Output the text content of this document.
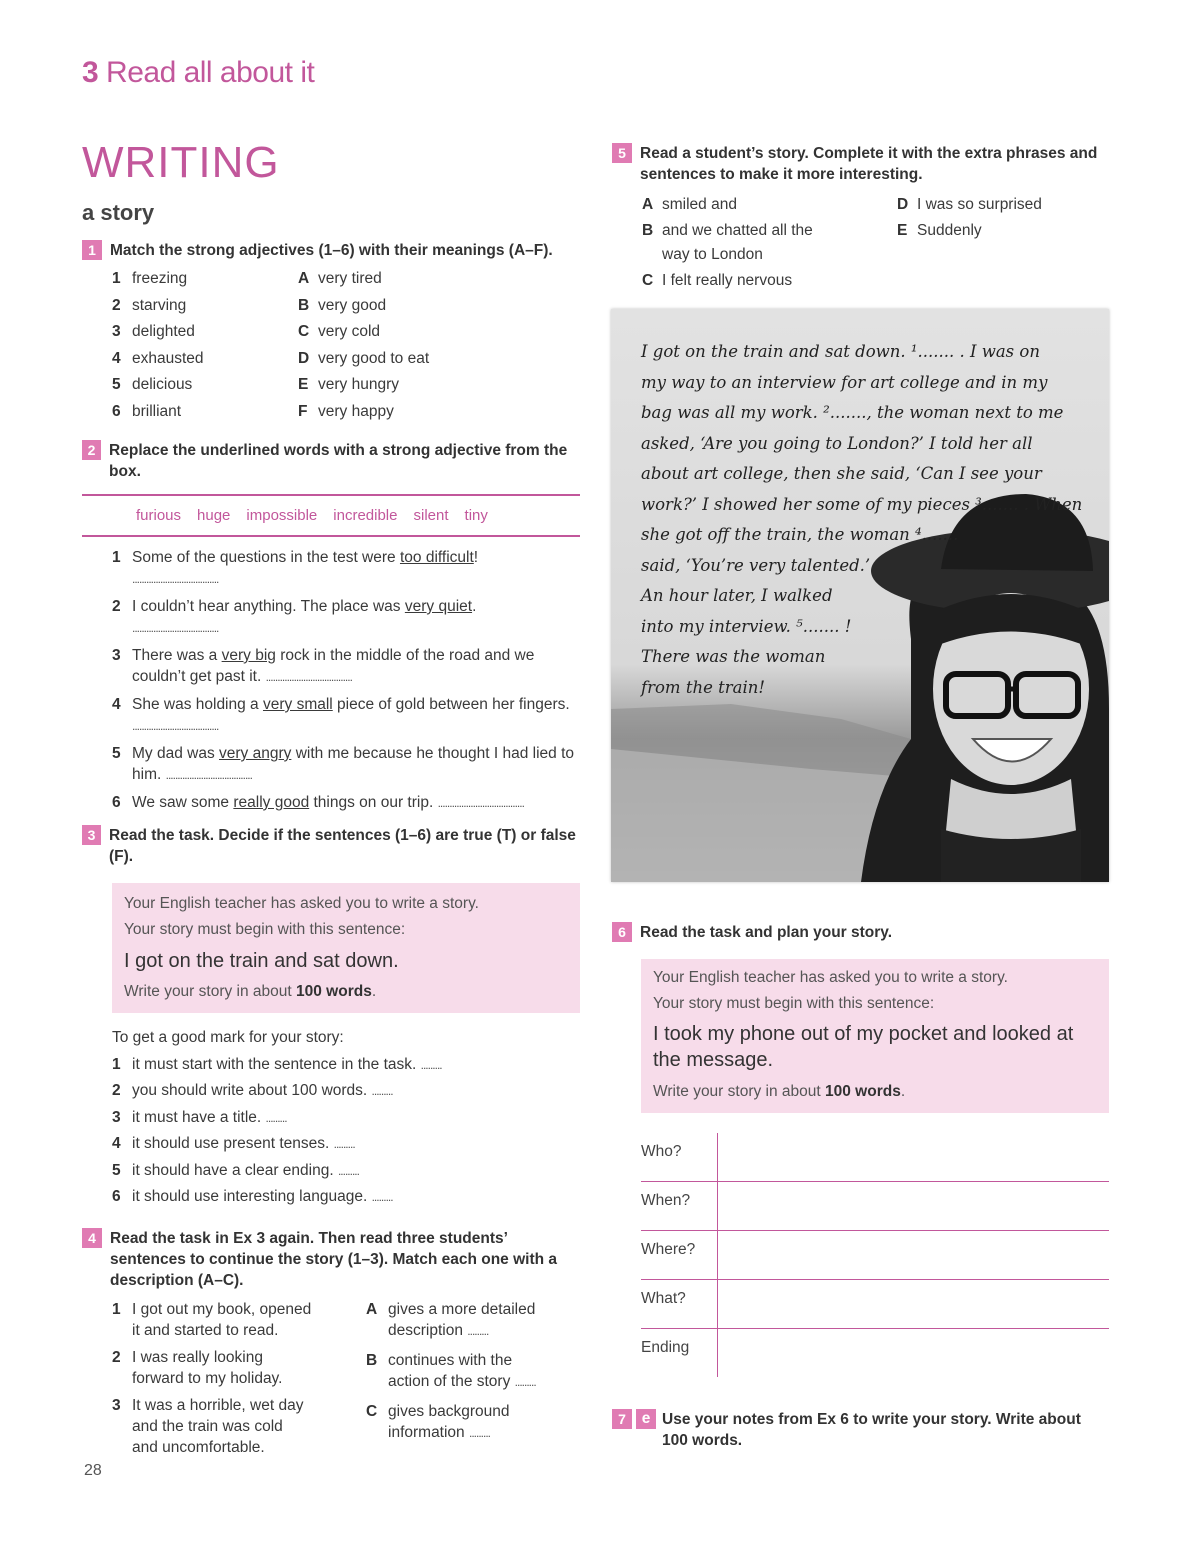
3 Read all about it
WRITING
a story
1 Match the strong adjectives (1–6) with their meanings (A–F).
1 freezing
2 starving
3 delighted
4 exhausted
5 delicious
6 brilliant
A very tired
B very good
C very cold
D very good to eat
E very hungry
F very happy
2 Replace the underlined words with a strong adjective from the box.
furious huge impossible incredible silent tiny
1 Some of the questions in the test were too difficult!
.....................................
2 I couldn’t hear anything. The place was very quiet.
.....................................
3 There was a very big rock in the middle of the road and we couldn’t get past it. .....................................
4 She was holding a very small piece of gold between her fingers. .....................................
5 My dad was very angry with me because he thought I had lied to him. .....................................
6 We saw some really good things on our trip. .....................................
3 Read the task. Decide if the sentences (1–6) are true (T) or false (F).
Your English teacher has asked you to write a story.
Your story must begin with this sentence:
I got on the train and sat down.
Write your story in about 100 words.
To get a good mark for your story:
1 it must start with the sentence in the task. .........
2 you should write about 100 words. .........
3 it must have a title. .........
4 it should use present tenses. .........
5 it should have a clear ending. .........
6 it should use interesting language. .........
4 Read the task in Ex 3 again. Then read three students’ sentences to continue the story (1–3). Match each one with a description (A–C).
1 I got out my book, opened
it and started to read.
2 I was really looking
forward to my holiday.
3 It was a horrible, wet day
and the train was cold
and uncomfortable.
A gives a more detailed
description .........
B continues with the
action of the story .........
C gives background
information .........
28
5 Read a student’s story. Complete it with the extra phrases and sentences to make it more interesting.
A smiled and
B and we chatted all the
way to London
C I felt really nervous
D I was so surprised
E Suddenly
I got on the train and sat down. ¹....... . I was on
my way to an interview for art college and in my
bag was all my work. ²......., the woman next to me
asked, ‘Are you going to London?’ I told her all
about art college, then she said, ‘Can I see your
work?’ I showed her some of my pieces ³....... . When
she got off the train, the woman ⁴.......
said, ‘You’re very talented.’
An hour later, I walked
into my interview. ⁵....... !
There was the woman
from the train!
6 Read the task and plan your story.
Your English teacher has asked you to write a story.
Your story must begin with this sentence:
I took my phone out of my pocket and looked at the message.
Write your story in about 100 words.
Who?
When?
Where?
What?
Ending
7	e Use your notes from Ex 6 to write your story. Write about 100 words.
